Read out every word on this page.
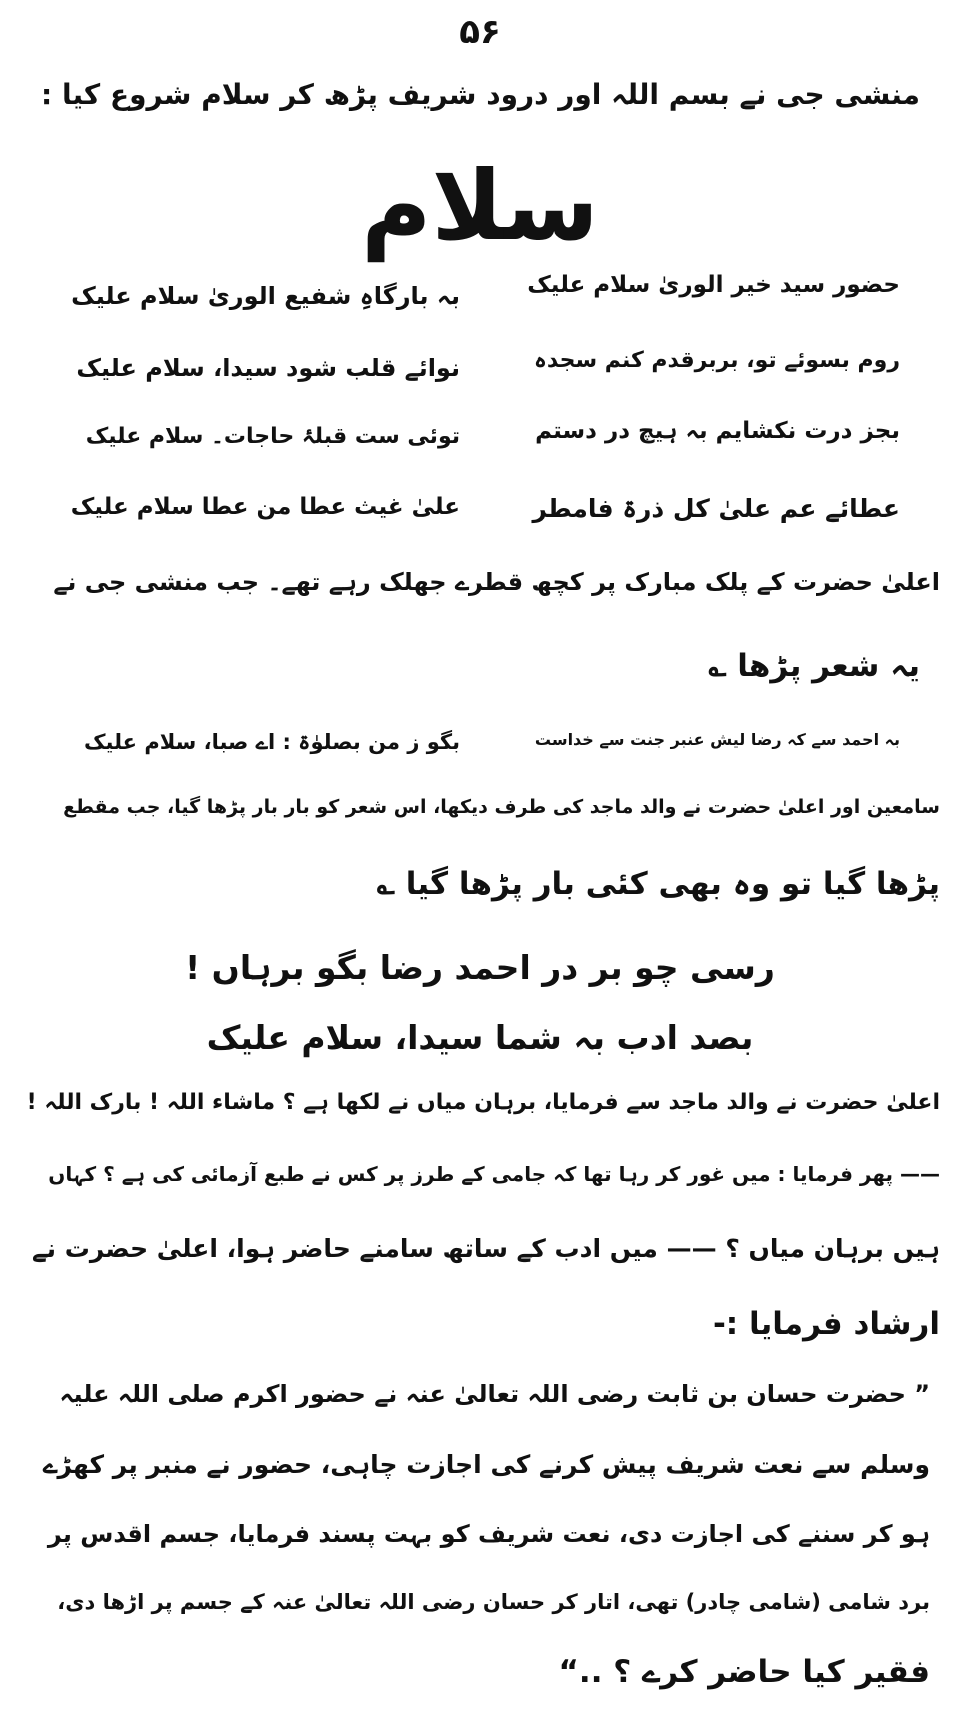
۵۶
منشی جی نے بسم اللہ اور درود شریف پڑھ کر سلام شروع کیا :
سلام
حضور سید خیر الوریٰ سلام علیک
بہ بارگاہِ شفیع الوریٰ سلام علیک
روم بسوئے تو، بربرقدم کنم سجدہ
نوائے قلب شود سیدا، سلام علیک
بجز درت نکشایم بہ ہیچ در دستم
توئی ست قبلۂ حاجات۔ سلام علیک
عطائے عم علیٰ کل ذرۃ فامطر
علیٰ غیث عطا من عطا سلام علیک
اعلیٰ حضرت کے پلک مبارک پر کچھ قطرے جھلک رہے تھے۔ جب منشی جی نے
یہ شعر پڑھا ؎
بہ احمد سے کہ رضا لیش عنبر جنت سے خداست
بگو ز من بصلوٰۃ : اے صبا، سلام علیک
سامعین اور اعلیٰ حضرت نے والد ماجد کی طرف دیکھا، اس شعر کو بار بار پڑھا گیا، جب مقطع
پڑھا گیا تو وہ بھی کئی بار پڑھا گیا ؎
رسی چو بر در احمد رضا بگو برہاں !
بصد ادب بہ شما سیدا، سلام علیک
اعلیٰ حضرت نے والد ماجد سے فرمایا، برہان میاں نے لکھا ہے ؟ ماشاء اللہ ! بارک اللہ !
—— پھر فرمایا : میں غور کر رہا تھا کہ جامی کے طرز پر کس نے طبع آزمائی کی ہے ؟ کہاں
ہیں برہان میاں ؟ —— میں ادب کے ساتھ سامنے حاضر ہوا، اعلیٰ حضرت نے
ارشاد فرمایا :-
” حضرت حسان بن ثابت رضی اللہ تعالیٰ عنہ نے حضور اکرم صلی اللہ علیہ
وسلم سے نعت شریف پیش کرنے کی اجازت چاہی، حضور نے منبر پر کھڑے
ہو کر سننے کی اجازت دی، نعت شریف کو بہت پسند فرمایا، جسم اقدس پر
برد شامی (شامی چادر) تھی، اتار کر حسان رضی اللہ تعالیٰ عنہ کے جسم پر اڑھا دی،
فقیر کیا حاضر کرے ؟ ..“
